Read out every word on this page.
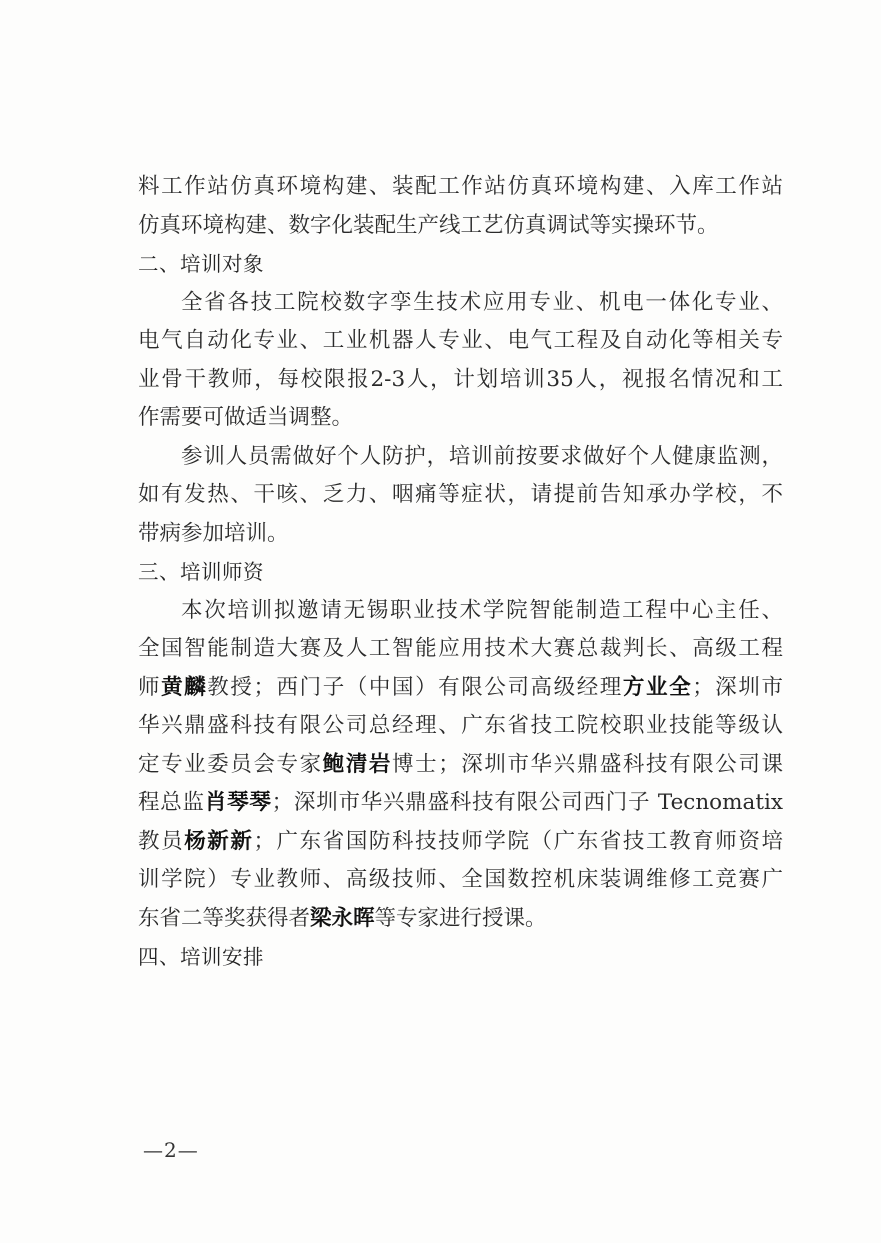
料工作站仿真环境构建、装配工作站仿真环境构建、入库工作站

仿真环境构建、数字化装配生产线工艺仿真调试等实操环节。

二、培训对象

全省各技工院校数字孪生技术应用专业、机电一体化专业、

电气自动化专业、工业机器人专业、电气工程及自动化等相关专

业骨干教师，每校限报2-3人，计划培训35人，视报名情况和工

作需要可做适当调整。

参训人员需做好个人防护，培训前按要求做好个人健康监测，

如有发热、干咳、乏力、咽痛等症状，请提前告知承办学校，不

带病参加培训。

三、培训师资

本次培训拟邀请无锡职业技术学院智能制造工程中心主任、

全国智能制造大赛及人工智能应用技术大赛总裁判长、高级工程

师黄麟教授；西门子（中国）有限公司高级经理方业全；深圳市

华兴鼎盛科技有限公司总经理、广东省技工院校职业技能等级认

定专业委员会专家鲍清岩博士；深圳市华兴鼎盛科技有限公司课

程总监肖琴琴；深圳市华兴鼎盛科技有限公司西门子 Tecnomatix

教员杨新新；广东省国防科技技师学院（广东省技工教育师资培

训学院）专业教师、高级技师、全国数控机床装调维修工竞赛广

东省二等奖获得者梁永晖等专家进行授课。

四、培训安排

—2—
